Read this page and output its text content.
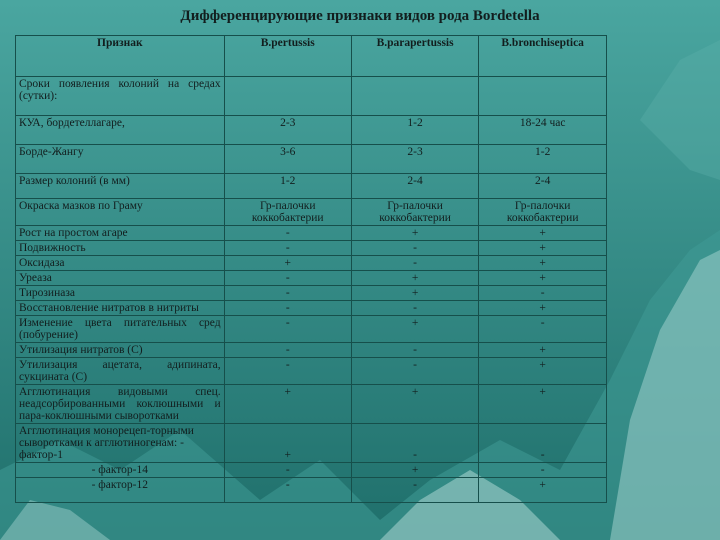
Дифференцирующие признаки видов рода Bordetella
Признак	B.pertussis	B.parapertussis	B.bronchiseptica
Сроки появления колоний на средах (сутки):			
КУА, бордетеллагаре,	2-3	1-2	18-24 час
Борде-Жангу	3-6	2-3	1-2
Размер колоний (в мм)	1-2	2-4	2-4
Окраска мазков по Граму	Гр-палочки коккобактерии	Гр-палочки коккобактерии	Гр-палочки коккобактерии
Рост на простом агаре	-	+	+
Подвижность	-	-	+
Оксидаза	+	-	+
Уреаза	-	+	+
Тирозиназа	-	+	-
Восстановление нитратов в нитриты	-	-	+
Изменение цвета питательных сред (побурение)	-	+	-
Утилизация нитратов (С)	-	-	+
Утилизация ацетата, адипината, сукцината (С)	-	-	+
Агглютинация видовыми спец. неадсорбированными коклюшными и пара-коклюшными сыворотками	+	+	+
Агглютинация монорецеп-торными сыворотками к агглютиногенам: - фактор-1	+	-	-
- фактор-14	-	+	-
- фактор-12	-	-	+
